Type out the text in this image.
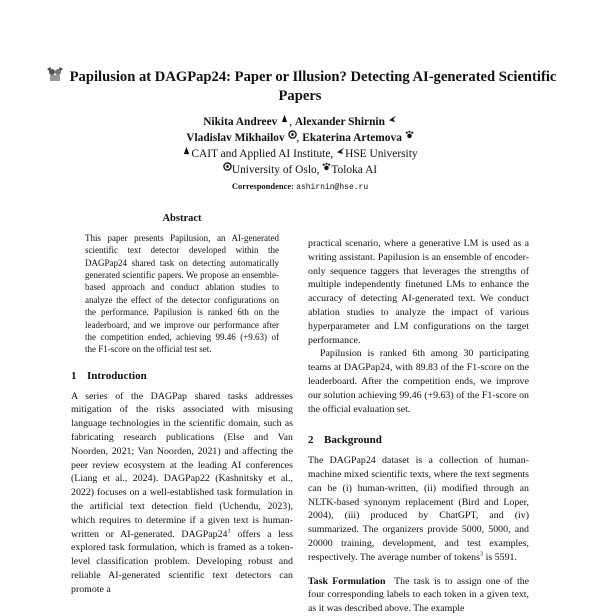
Papilusion at DAGPap24: Paper or Illusion? Detecting AI-generated Scientific Papers

Nikita Andreev , Alexander Shirnin
Vladislav Mikhailov , Ekaterina Artemova
CAIT and Applied AI Institute, HSE University
University of Oslo, Toloka AI
Correspondence: ashirnin@hse.ru

Abstract

This paper presents Papilusion, an AI-generated scientific text detector developed within the DAGPap24 shared task on detecting automatically generated scientific papers. We propose an ensemble-based approach and conduct ablation studies to analyze the effect of the detector configurations on the performance. Papilusion is ranked 6th on the leaderboard, and we improve our performance after the competition ended, achieving 99.46 (+9.63) of the F1-score on the official test set.

1 Introduction

A series of the DAGPap shared tasks addresses mitigation of the risks associated with misusing language technologies in the scientific domain, such as fabricating research publications (Else and Van Noorden, 2021; Van Noorden, 2021) and affecting the peer review ecosystem at the leading AI conferences (Liang et al., 2024). DAGPap22 (Kashnitsky et al., 2022) focuses on a well-established task formulation in the artificial text detection field (Uchendu, 2023), which requires to determine if a given text is human-written or AI-generated. $DAGPap24^1$ offers a less explored task formulation, which is framed as a token-level classification problem. Developing robust and reliable AI-generated scientific text detectors can promote a

practical scenario, where a generative LM is used as a writing assistant. Papilusion is an ensemble of encoder-only sequence taggers that leverages the strengths of multiple independently finetuned LMs to enhance the accuracy of detecting AI-generated text. We conduct ablation studies to analyze the impact of various hyperparameter and LM configurations on the target performance.

Papilusion is ranked 6th among 30 participating teams at DAGPap24, with 89.83 of the F1-score on the leaderboard. After the competition ends, we improve our solution achieving 99.46 (+9.63) of the F1-score on the official evaluation set.

2 Background

The DAGPap24 dataset is a collection of human-machine mixed scientific texts, where the text segments can be (i) human-written, (ii) modified through an NLTK-based synonym replacement (Bird and Loper, 2004), (iii) produced by ChatGPT, and (iv) summarized. The organizers provide 5000, 5000, and 20000 training, development, and test examples, respectively. The average number of tokens$^3$ is 5591.

Task Formulation The task is to assign one of the four corresponding labels to each token in a given text, as it was described above. The example
